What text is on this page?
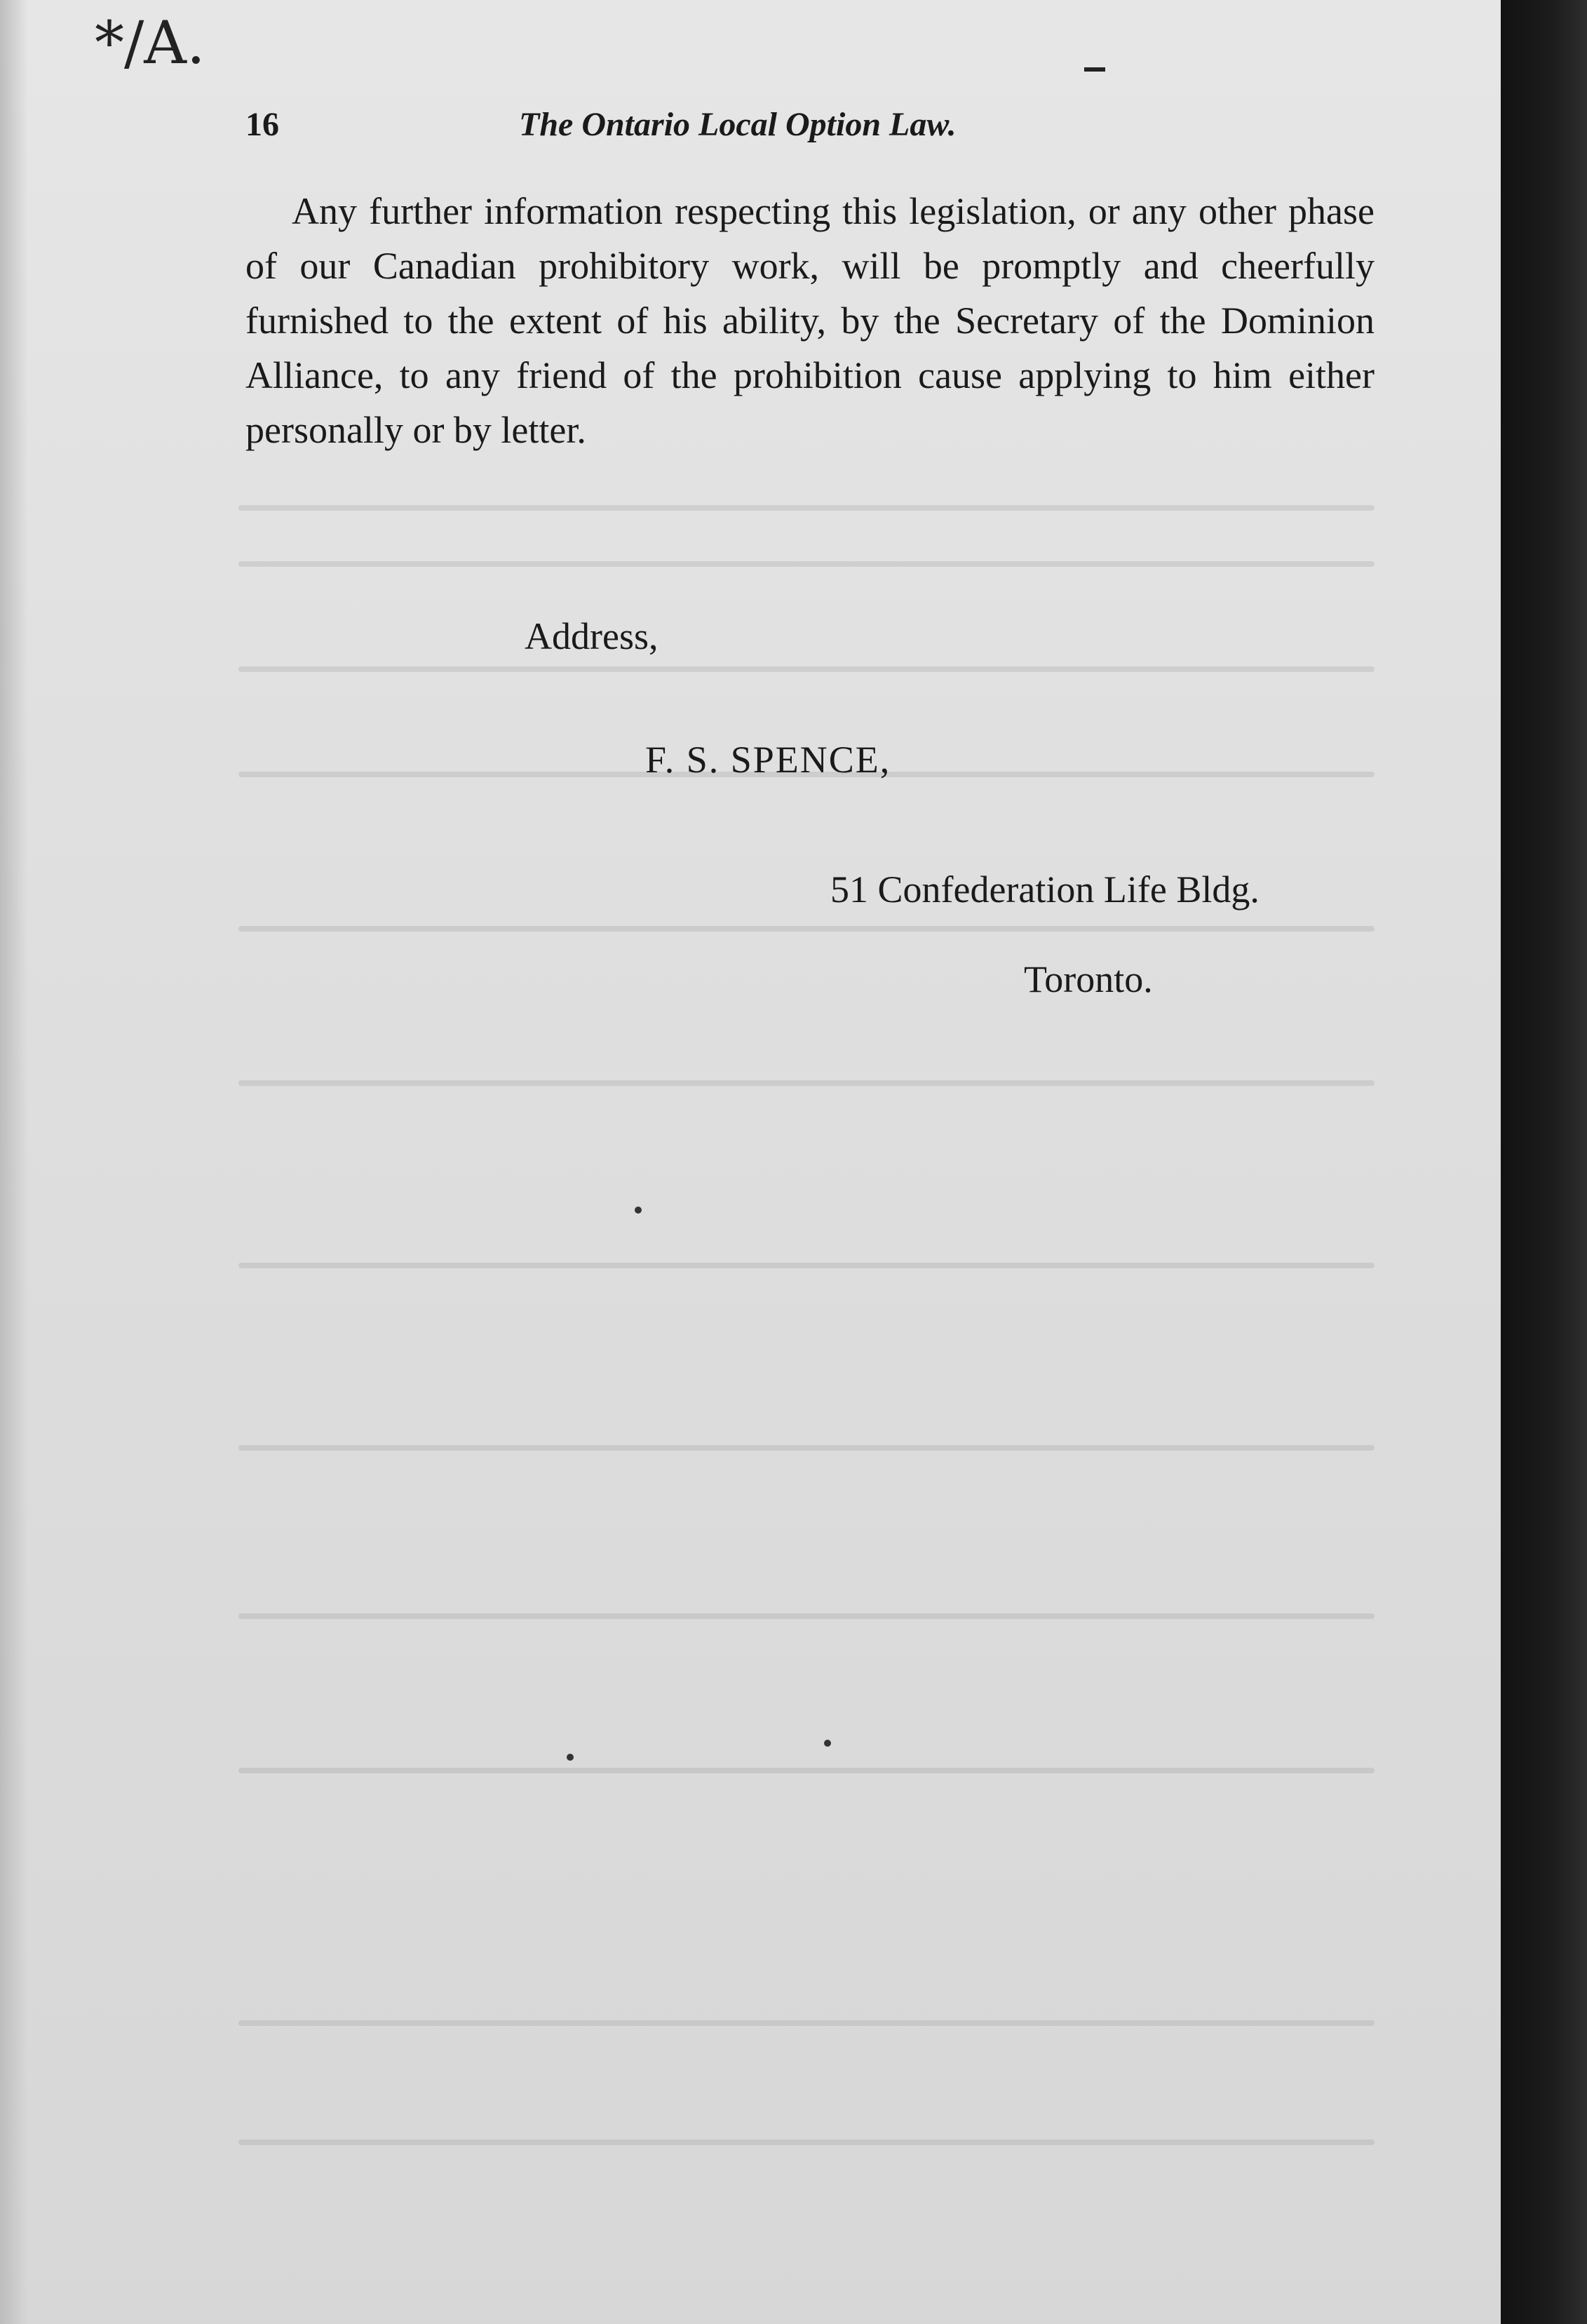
*/A.
16	The Ontario Local Option Law.

Any further information respecting this legislation, or any other phase of our Canadian prohibitory work, will be promptly and cheerfully furnished to the extent of his ability, by the Secretary of the Dominion Alliance, to any friend of the prohibition cause applying to him either personally or by letter.

Address,
F. S. SPENCE,
51 Confederation Life Bldg.
Toronto.
